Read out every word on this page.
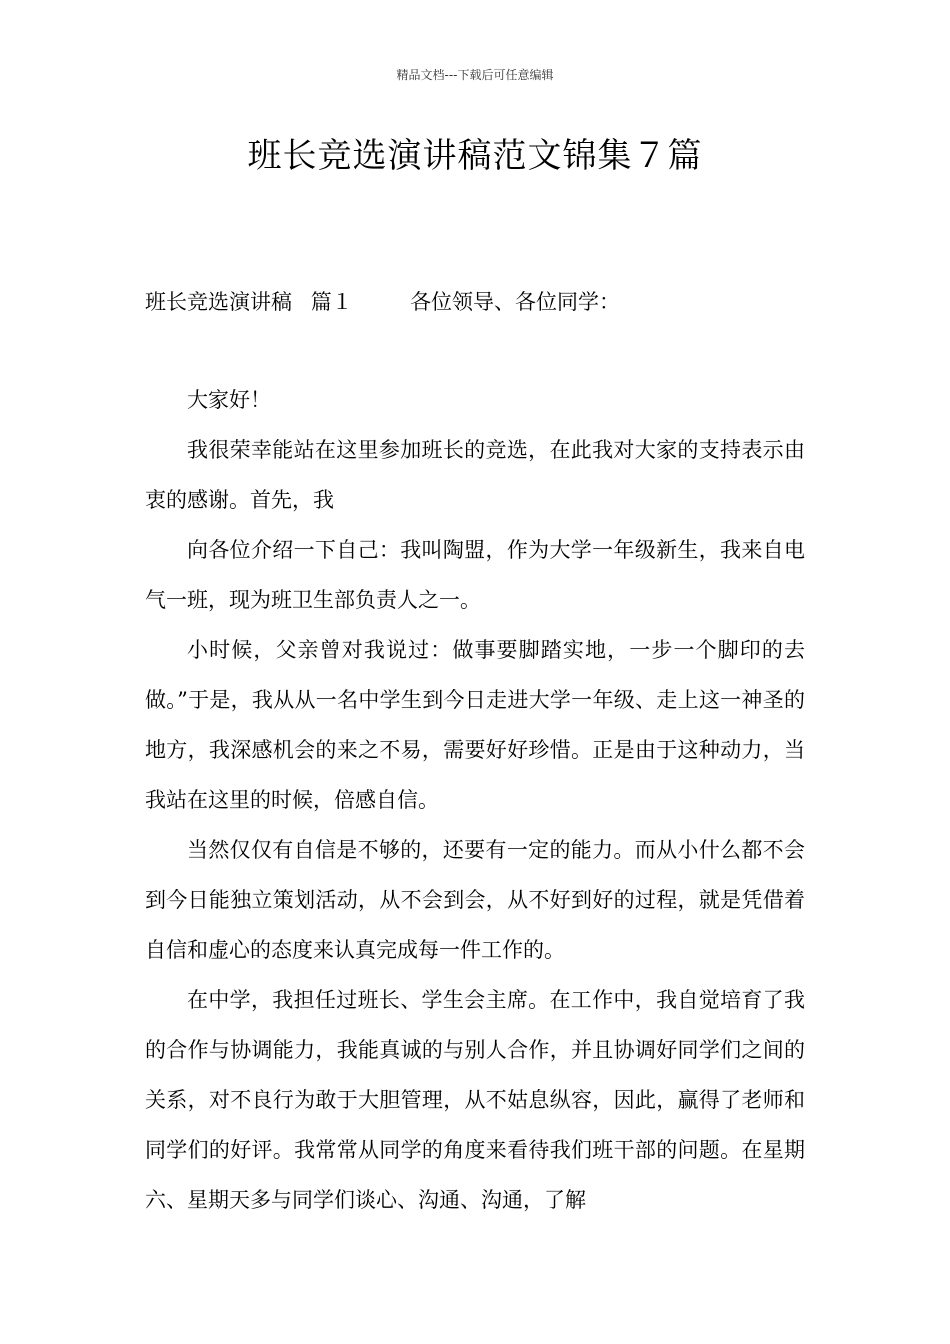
精品文档---下载后可任意编辑
班长竞选演讲稿范文锦集７篇
班长竞选演讲稿 篇１	各位领导、各位同学：

大家好！

我很荣幸能站在这里参加班长的竞选，在此我对大家的支持表示由衷的感谢。首先，我

向各位介绍一下自己：我叫陶盟，作为大学一年级新生，我来自电气一班，现为班卫生部负责人之一。

小时候，父亲曾对我说过：做事要脚踏实地，一步一个脚印的去做。”于是，我从从一名中学生到今日走进大学一年级、走上这一神圣的地方，我深感机会的来之不易，需要好好珍惜。正是由于这种动力，当我站在这里的时候，倍感自信。

当然仅仅有自信是不够的，还要有一定的能力。而从小什么都不会到今日能独立策划活动，从不会到会，从不好到好的过程，就是凭借着自信和虚心的态度来认真完成每一件工作的。

在中学，我担任过班长、学生会主席。在工作中，我自觉培育了我的合作与协调能力，我能真诚的与别人合作，并且协调好同学们之间的关系，对不良行为敢于大胆管理，从不姑息纵容，因此，赢得了老师和同学们的好评。我常常从同学的角度来看待我们班干部的问题。在星期六、星期天多与同学们谈心、沟通、沟通，了解
